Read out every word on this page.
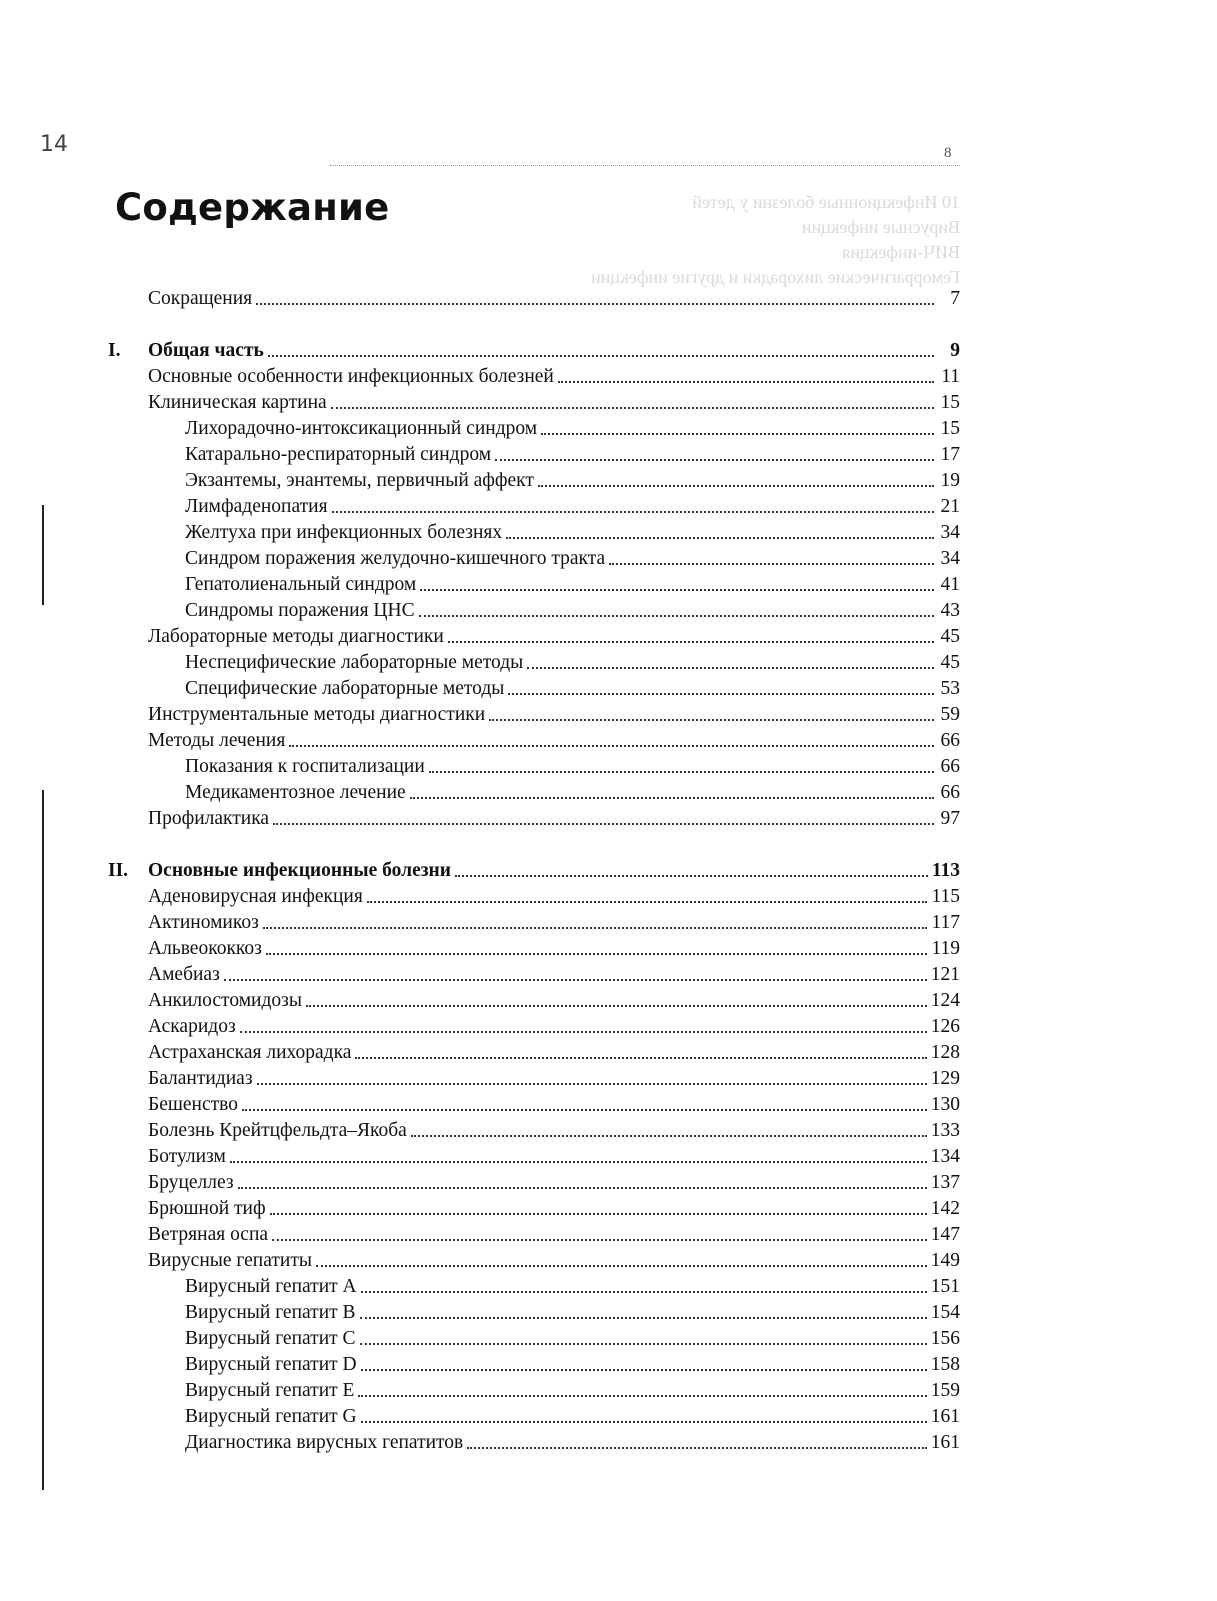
14	8
Содержание	10 Инфекционные болезни у детей
Вирусные инфекции
ВИЧ-инфекция
Геморрагические лихорадки и другие инфекции
Сокращения	7
I.	Общая часть	9
Основные особенности инфекционных болезней	11
Клиническая картина	15
Лихорадочно-интоксикационный синдром	15
Катарально-респираторный синдром	17
Экзантемы, энантемы, первичный аффект	19
Лимфаденопатия	21
Желтуха при инфекционных болезнях	34
Синдром поражения желудочно-кишечного тракта	34
Гепатолиенальный синдром	41
Синдромы поражения ЦНС	43
Лабораторные методы диагностики	45
Неспецифические лабораторные методы	45
Специфические лабораторные методы	53
Инструментальные методы диагностики	59
Методы лечения	66
Показания к госпитализации	66
Медикаментозное лечение	66
Профилактика	97
II.	Основные инфекционные болезни	113
Аденовирусная инфекция	115
Актиномикоз	117
Альвеококкоз	119
Амебиаз	121
Анкилостомидозы	124
Аскаридоз	126
Астраханская лихорадка	128
Балантидиаз	129
Бешенство	130
Болезнь Крейтцфельдта–Якоба	133
Ботулизм	134
Бруцеллез	137
Брюшной тиф	142
Ветряная оспа	147
Вирусные гепатиты	149
Вирусный гепатит A	151
Вирусный гепатит B	154
Вирусный гепатит C	156
Вирусный гепатит D	158
Вирусный гепатит E	159
Вирусный гепатит G	161
Диагностика вирусных гепатитов	161
